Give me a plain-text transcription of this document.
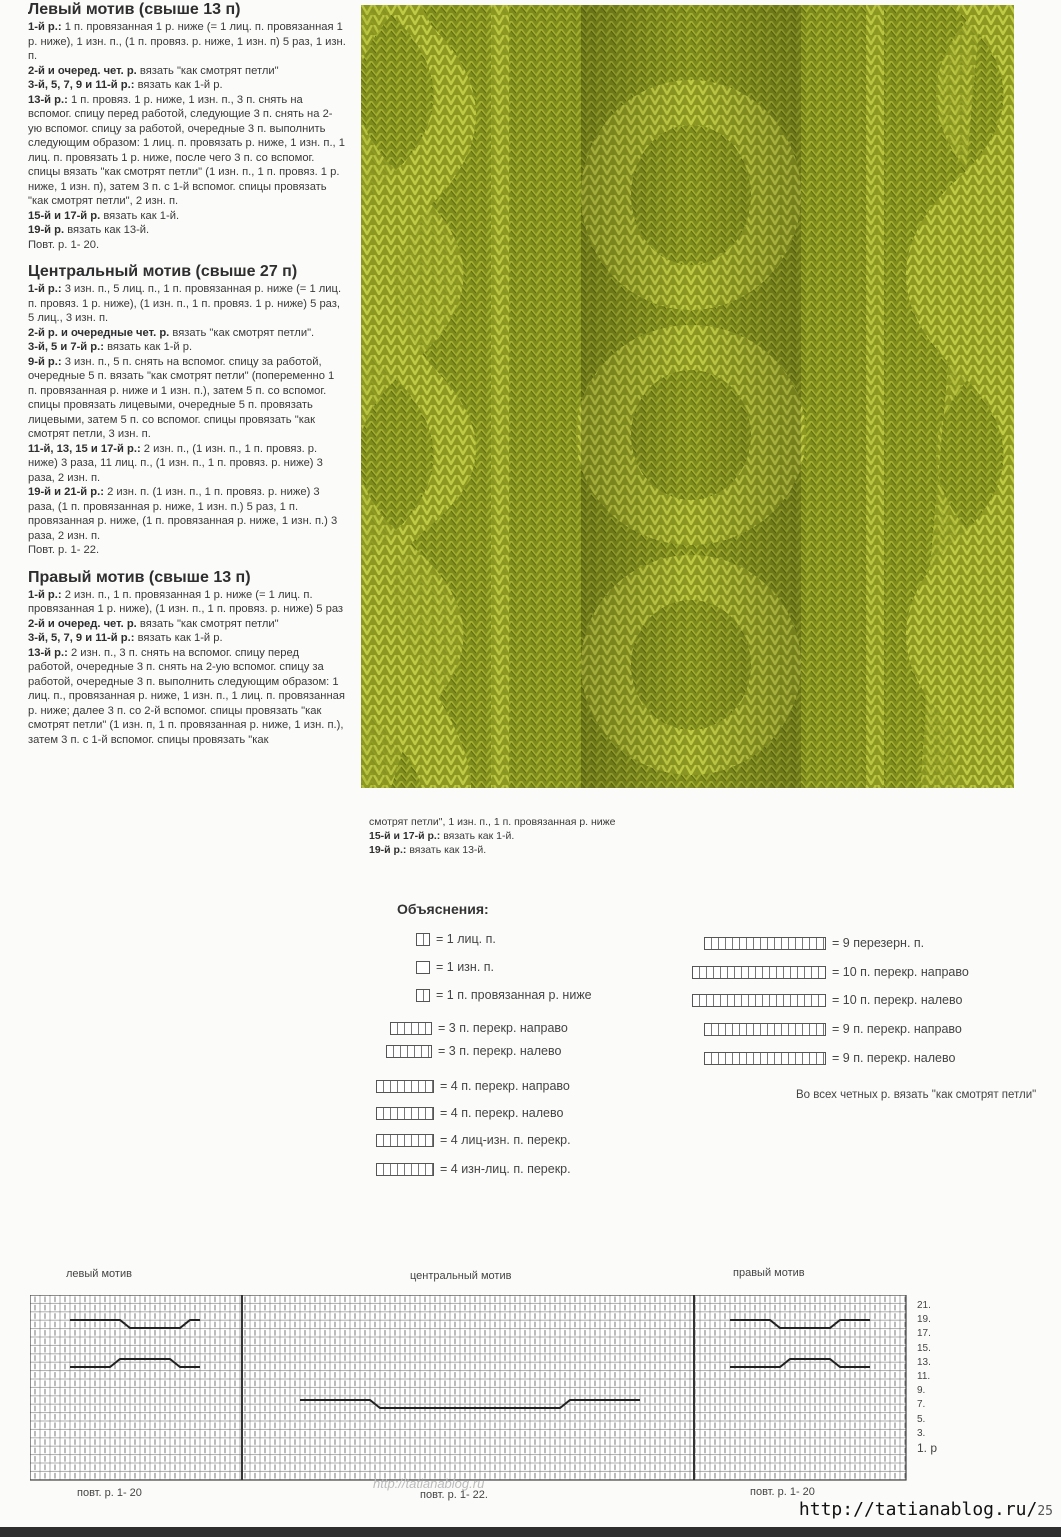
Левый мотив (свыше 13 п)

1-й р.: 1 п. провязанная 1 р. ниже (= 1 лиц. п. провязанная 1 р. ниже), 1 изн. п., (1 п. провяз. р. ниже, 1 изн. п) 5 раз, 1 изн. п.

2-й и очеред. чет. р. вязать "как смотрят петли"

3-й, 5, 7, 9 и 11-й р.: вязать как 1-й р.

13-й р.: 1 п. провяз. 1 р. ниже, 1 изн. п., 3 п. снять на вспомог. спицу перед работой, следующие 3 п. снять на 2-ую вспомог. спицу за работой, очередные 3 п. выполнить следующим образом: 1 лиц. п. провязать р. ниже, 1 изн. п., 1 лиц. п. провязать 1 р. ниже, после чего 3 п. со вспомог. спицы вязать "как смотрят петли" (1 изн. п., 1 п. провяз. 1 р. ниже, 1 изн. п), затем 3 п. с 1-й вспомог. спицы провязать "как смотрят петли", 2 изн. п.

15-й и 17-й р. вязать как 1-й.

19-й р. вязать как 13-й.

Повт. р. 1- 20.

Центральный мотив (свыше 27 п)

1-й р.: 3 изн. п., 5 лиц. п., 1 п. провязанная р. ниже (= 1 лиц. п. провяз. 1 р. ниже), (1 изн. п., 1 п. провяз. 1 р. ниже) 5 раз, 5 лиц., 3 изн. п.

2-й р. и очередные чет. р. вязать "как смотрят петли".

3-й, 5 и 7-й р.: вязать как 1-й р.

9-й р.: 3 изн. п., 5 п. снять на вспомог. спицу за работой, очередные 5 п. вязать "как смотрят петли" (попеременно 1 п. провязанная р. ниже и 1 изн. п.), затем 5 п. со вспомог. спицы провязать лицевыми, очередные 5 п. провязать лицевыми, затем 5 п. со вспомог. спицы провязать "как смотрят петли, 3 изн. п.

11-й, 13, 15 и 17-й р.: 2 изн. п., (1 изн. п., 1 п. провяз. р. ниже) 3 раза, 11 лиц. п., (1 изн. п., 1 п. провяз. р. ниже) 3 раза, 2 изн. п.

19-й и 21-й р.: 2 изн. п. (1 изн. п., 1 п. провяз. р. ниже) 3 раза, (1 п. провязанная р. ниже, 1 изн. п.) 5 раз, 1 п. провязанная р. ниже, (1 п. провязанная р. ниже, 1 изн. п.) 3 раза, 2 изн. п.

Повт. р. 1- 22.

Правый мотив (свыше 13 п)

1-й р.: 2 изн. п., 1 п. провязанная 1 р. ниже (= 1 лиц. п. провязанная 1 р. ниже), (1 изн. п., 1 п. провяз. р. ниже) 5 раз

2-й и очеред. чет. р. вязать "как смотрят петли"

3-й, 5, 7, 9 и 11-й р.: вязать как 1-й р.

13-й р.: 2 изн. п., 3 п. снять на вспомог. спицу перед работой, очередные 3 п. снять на 2-ую вспомог. спицу за работой, очередные 3 п. выполнить следующим образом: 1 лиц. п., провязанная р. ниже, 1 изн. п., 1 лиц. п. провязанная р. ниже; далее 3 п. со 2-й вспомог. спицы провязать "как смотрят петли" (1 изн. п, 1 п. провязанная р. ниже, 1 изн. п.), затем 3 п. с 1-й вспомог. спицы провязать "как

смотрят петли", 1 изн. п., 1 п. провязанная р. ниже

15-й и 17-й р.: вязать как 1-й.

19-й р.: вязать как 13-й.

Объяснения:
= 1 лиц. п.
= 1 изн. п.
= 1 п. провязанная р. ниже
= 3 п. перекр. направо
= 3 п. перекр. налево
= 4 п. перекр. направо
= 4 п. перекр. налево
= 4 лиц-изн. п. перекр.
= 4 изн-лиц. п. перекр.
= 9 перезерн. п.
= 10 п. перекр. направо
= 10 п. перекр. налево
= 9 п. перекр. направо
= 9 п. перекр. налево
Во всех четных р. вязать "как смотрят петли"
левый мотив	центральный мотив	правый мотив
21.
19.
17.
15.
13.
11.
9.
7.
5.
3.
1. р
повт. р. 1- 20	повт. р. 1- 22.	повт. р. 1- 20
http://tatianablog.ru
http://tatianablog.ru/25
